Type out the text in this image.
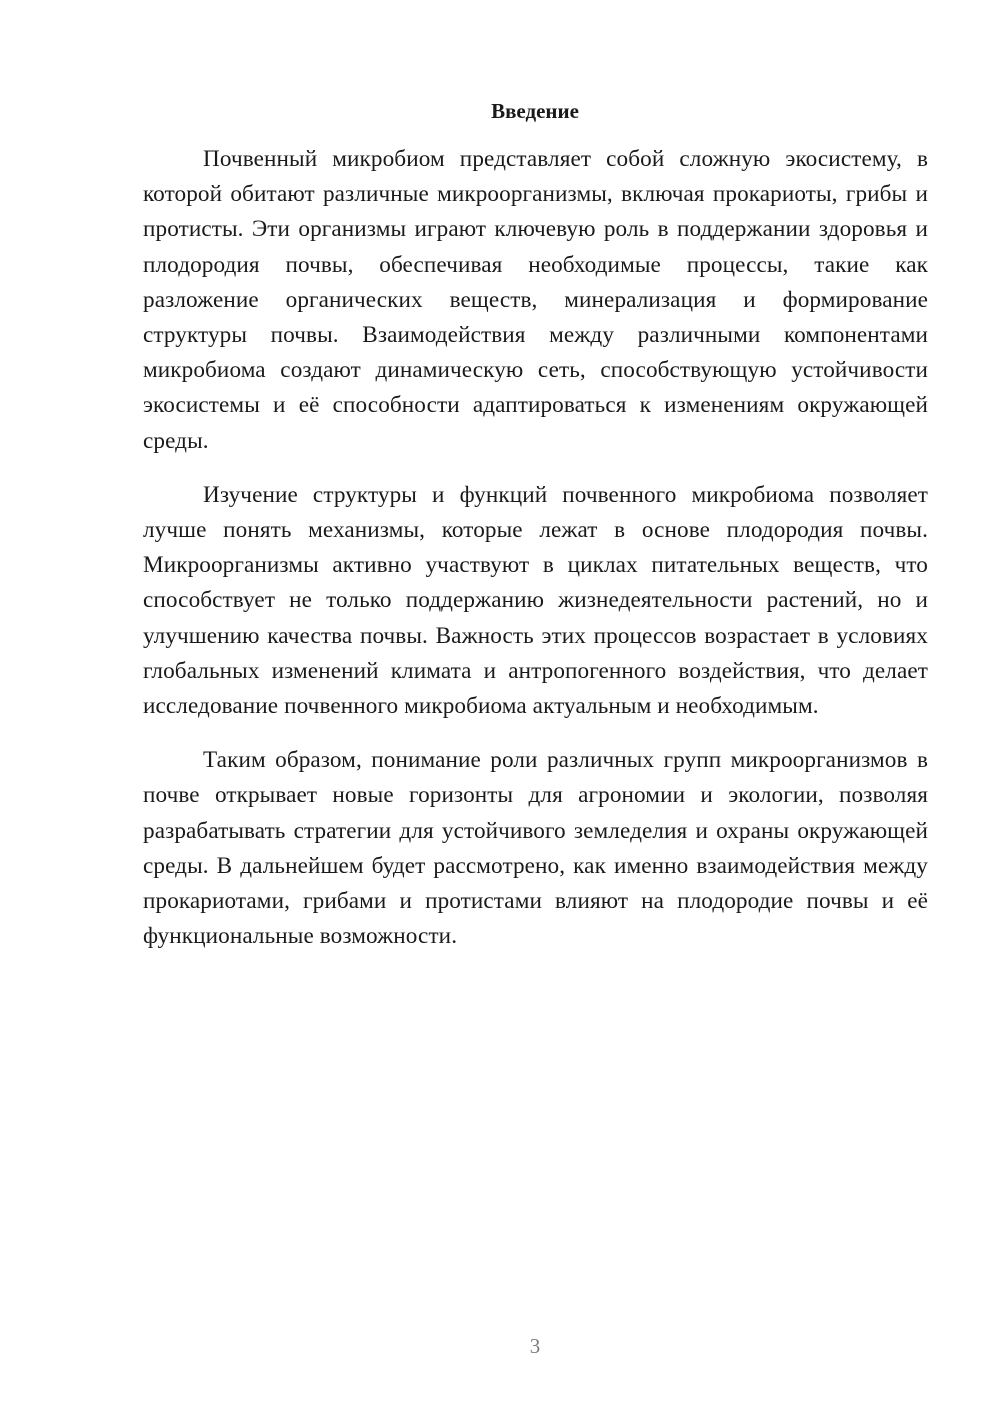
Введение

Почвенный микробиом представляет собой сложную экосистему, в которой обитают различные микроорганизмы, включая прокариоты, грибы и протисты. Эти организмы играют ключевую роль в поддержании здоровья и плодородия почвы, обеспечивая необходимые процессы, такие как разложение органических веществ, минерализация и формирование структуры почвы. Взаимодействия между различными компонентами микробиома создают динамическую сеть, способствующую устойчивости экосистемы и её способности адаптироваться к изменениям окружающей среды.

Изучение структуры и функций почвенного микробиома позволяет лучше понять механизмы, которые лежат в основе плодородия почвы. Микроорганизмы активно участвуют в циклах питательных веществ, что способствует не только поддержанию жизнедеятельности растений, но и улучшению качества почвы. Важность этих процессов возрастает в условиях глобальных изменений климата и антропогенного воздействия, что делает исследование почвенного микробиома актуальным и необходимым.

Таким образом, понимание роли различных групп микроорганизмов в почве открывает новые горизонты для агрономии и экологии, позволяя разрабатывать стратегии для устойчивого земледелия и охраны окружающей среды. В дальнейшем будет рассмотрено, как именно взаимодействия между прокариотами, грибами и протистами влияют на плодородие почвы и её функциональные возможности.

3
